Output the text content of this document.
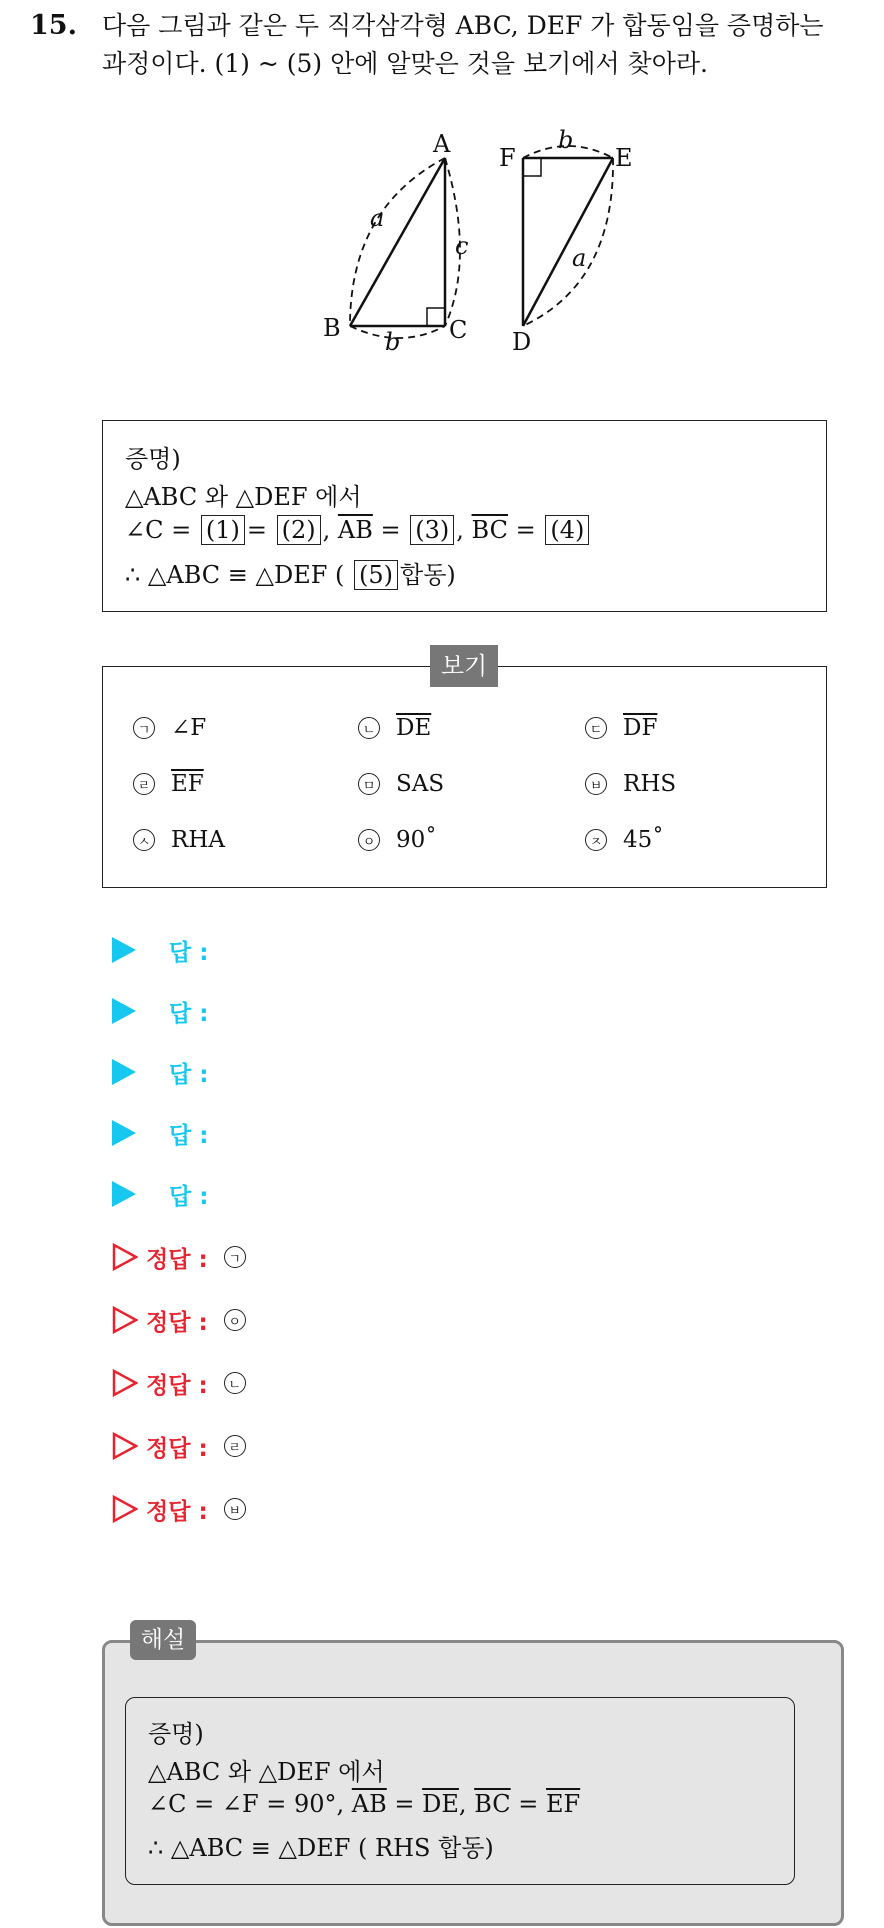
15. 다음 그림과 같은 두 직각삼각형 ABC, DEF 가 합동임을 증명하는
과정이다. (1) ~ (5) 안에 알맞은 것을 보기에서 찾아라.
A
B	C D
E
F
a
c
b
b
a
증명)
△ABC 와 △DEF 에서
∠C = (1) = (2) , $\overline{AB} = (3)$ , $\overline{BC} = (4)$
∴ △ABC ≡ △DEF ( (5) 합동)
ㄱ ∠F	ㄴ $\overline{DE}$	ㄷ $\overline{DF}$
ㄹ $\overline{EF}$	ㅁ SAS	ㅂ RHS
ㅅ RHA	ㅇ 90˚	ㅈ 45˚
보기
답 :
답 :
답 :
답 :
답 :
정답 :	ㄱ
정답 :	ㅇ
정답 :	ㄴ
정답 :	ㄹ
정답 :	ㅂ
해설
증명)
△ABC 와 △DEF 에서
∠C = ∠F = 90°, $\overline{AB} = \overline{DE}$, $\overline{BC} = \overline{EF}$
∴ △ABC ≡ △DEF ( RHS 합동)
